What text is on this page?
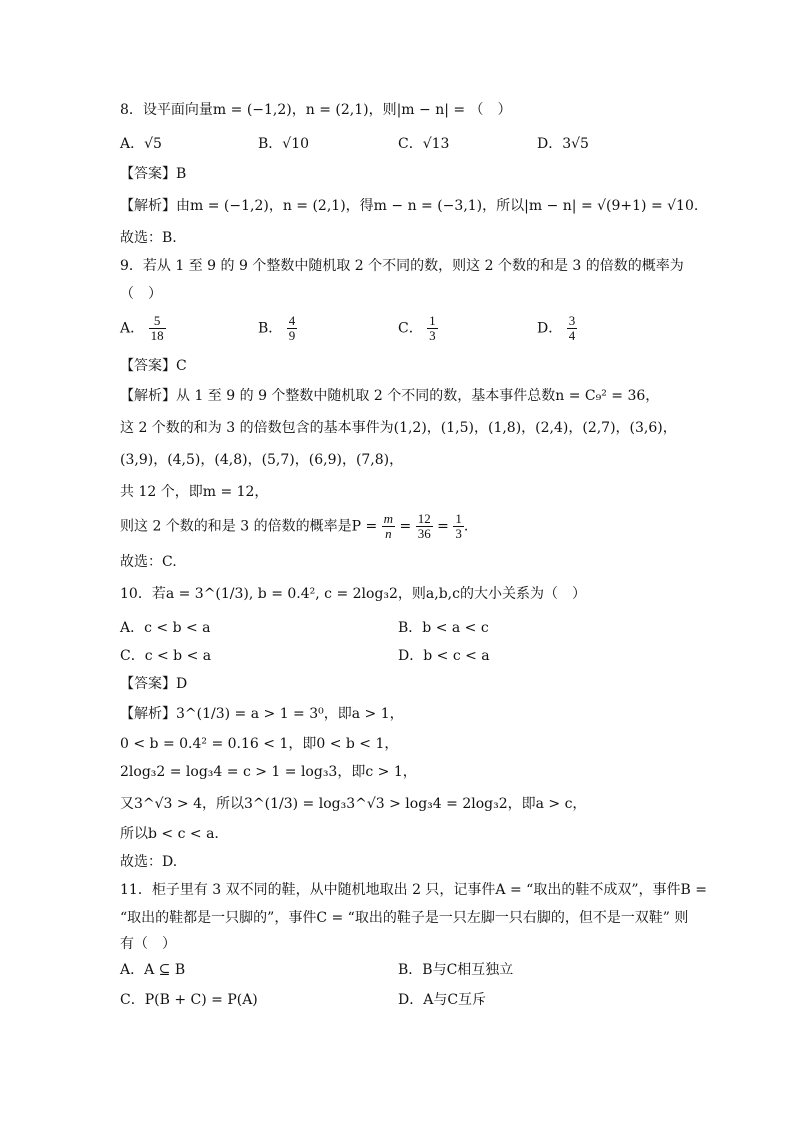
8．设平面向量m = (−1,2)，n = (2,1)，则|m − n| = （　）
A．√5	B．√10	C．√13	D．3√5
【答案】B
【解析】由m = (−1,2)，n = (2,1)，得m − n = (−3,1)，所以|m − n| = √(9+1) = √10.
故选：B.
9．若从 1 至 9 的 9 个整数中随机取 2 个不同的数，则这 2 个数的和是 3 的倍数的概率为
（　）
A． $\frac{5}{18}$	B． $\frac{4}{9}$	C． $\frac{1}{3}$	D． $\frac{3}{4}$
【答案】C
【解析】从 1 至 9 的 9 个整数中随机取 2 个不同的数，基本事件总数n = C₉² = 36，
这 2 个数的和为 3 的倍数包含的基本事件为(1,2)，(1,5)，(1,8)，(2,4)，(2,7)，(3,6)，
(3,9)，(4,5)，(4,8)，(5,7)，(6,9)，(7,8)，
共 12 个，即m = 12，
则这 2 个数的和是 3 的倍数的概率是$P = \frac{m}{n} = \frac{12}{36} = \frac{1}{3}$ .
故选：C.
10．若a = 3^(1/3), b = 0.4², c = 2log₃2，则a,b,c的大小关系为（　）
A．c < b < a	B．b < a < c
C．c < b < a	D．b < c < a
【答案】D
【解析】3^(1/3) = a > 1 = 3⁰，即a > 1，
0 < b = 0.4² = 0.16 < 1，即0 < b < 1，
2log₃2 = log₃4 = c > 1 = log₃3，即c > 1，
又3^√3 > 4，所以3^(1/3) = log₃3^√3 > log₃4 = 2log₃2，即a > c，
所以b < c < a.
故选：D.
11．柜子里有 3 双不同的鞋，从中随机地取出 2 只，记事件A = “取出的鞋不成双”，事件B =
“取出的鞋都是一只脚的”，事件C = “取出的鞋子是一只左脚一只右脚的，但不是一双鞋” 则
有（　）
A．A ⊆ B	B．B与C相互独立
C．P(B + C) = P(A)	D．A与C互斥
